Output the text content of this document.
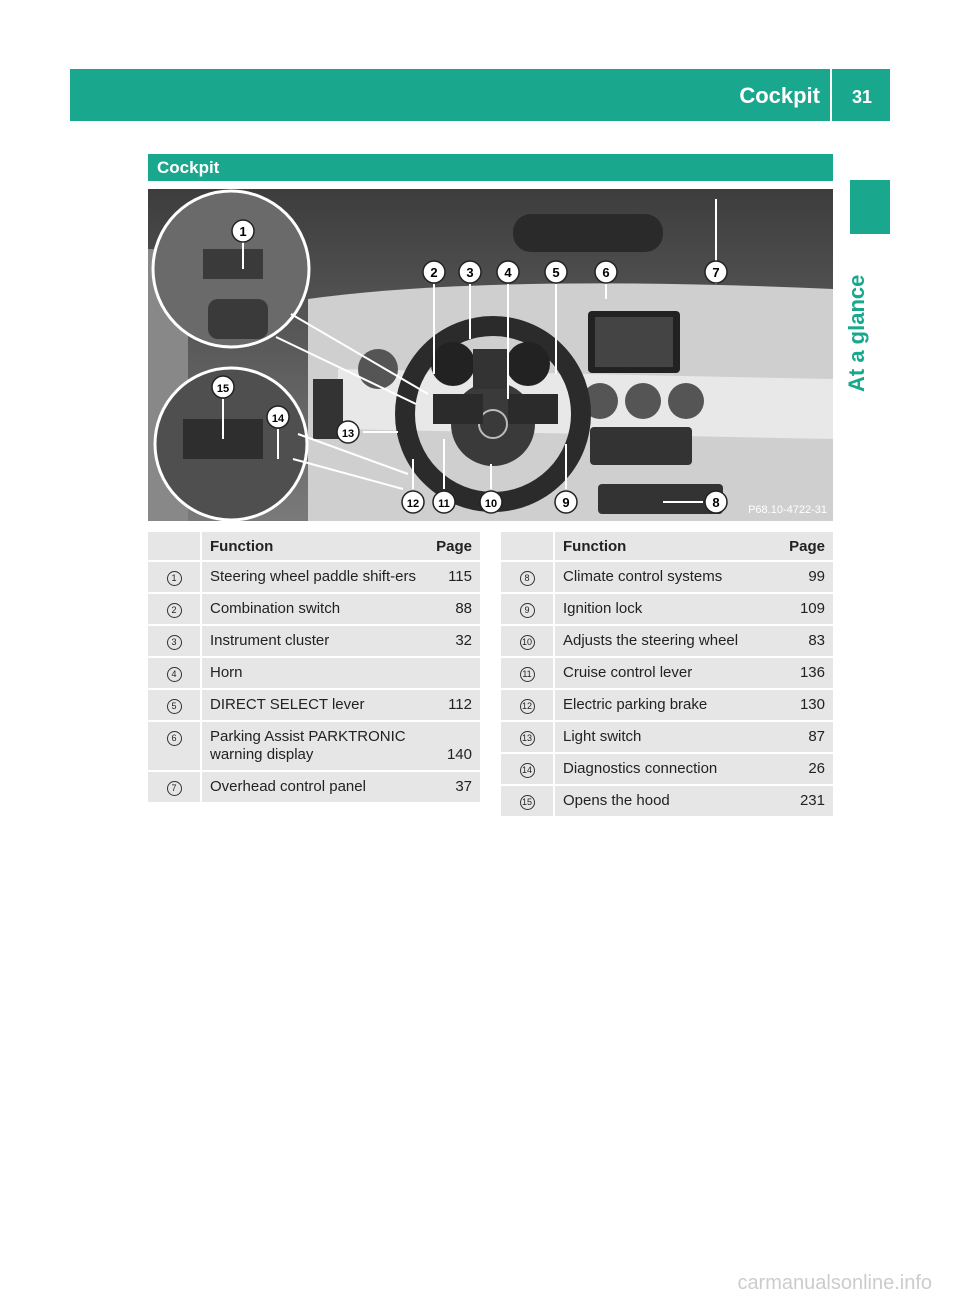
Cockpit 31
At a glance
Cockpit
1
2 3 4	5	6	7
8
9
10
11
12
13
14
15
P68.10-4722-31
	Function	Page
1	Steering wheel paddle shift-ers	115
2	Combination switch	88
3	Instrument cluster	32
4	Horn	
5	DIRECT SELECT lever	112
6	Parking Assist PARKTRONIC warning display	140
7	Overhead control panel	37
	Function	Page
8	Climate control systems	99
9	Ignition lock	109
10	Adjusts the steering wheel	83
11	Cruise control lever	136
12	Electric parking brake	130
13	Light switch	87
14	Diagnostics connection	26
15	Opens the hood	231
carmanualsonline.info
